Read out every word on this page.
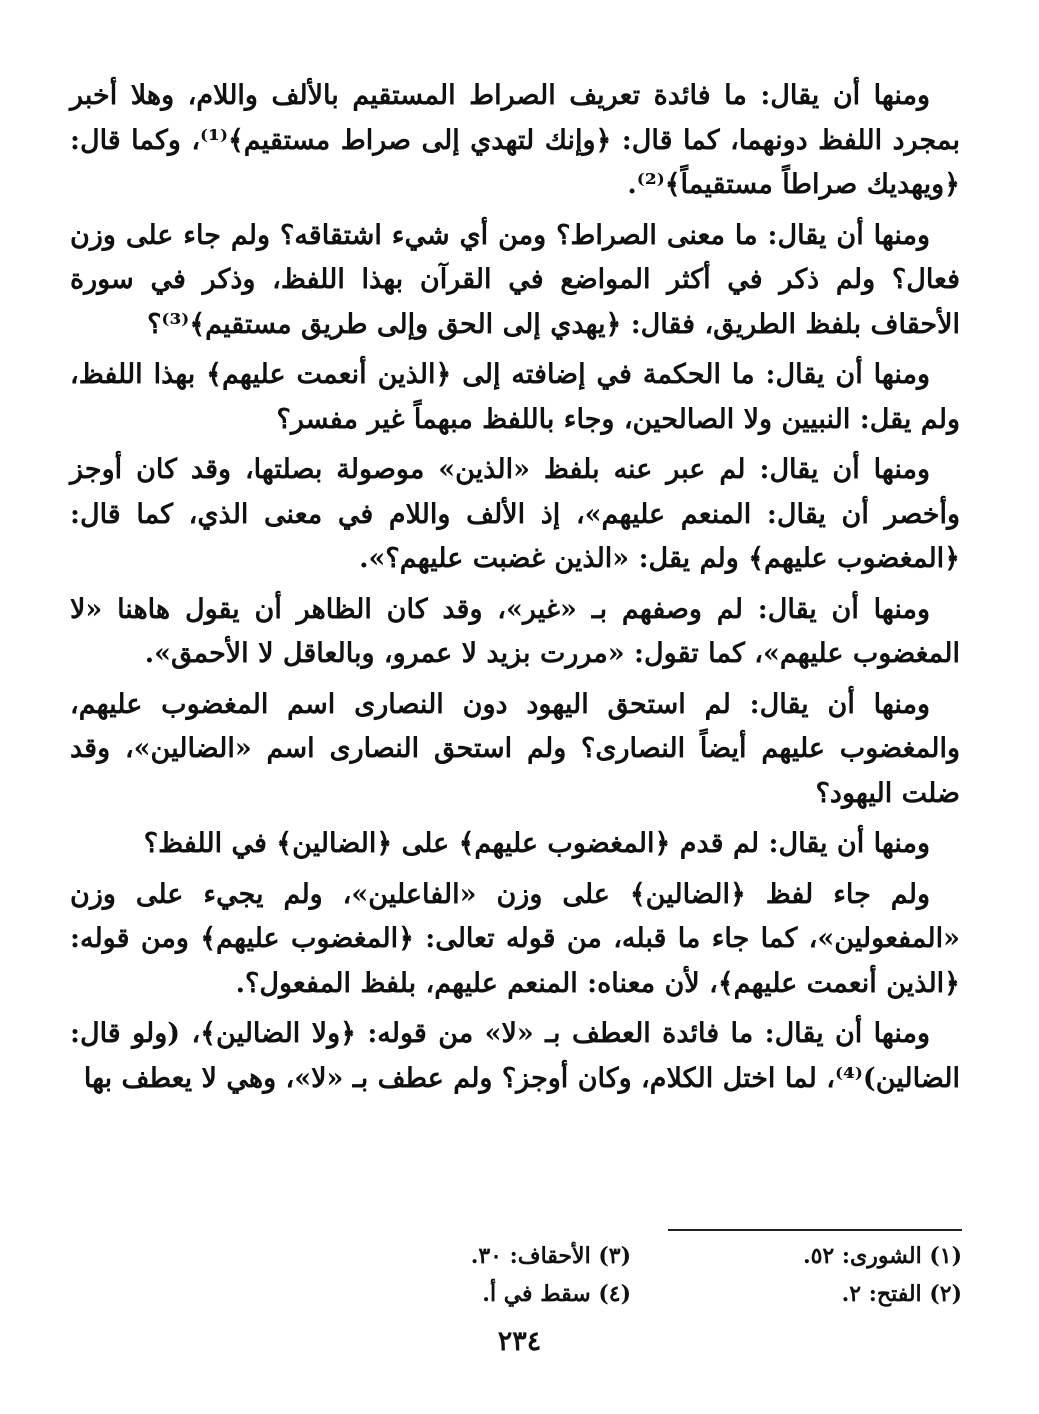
ومنها أن يقال: ما فائدة تعريف الصراط المستقيم بالألف واللام، وهلا أخبر بمجرد اللفظ دونهما، كما قال: ﴿وإنك لتهدي إلى صراط مستقيم﴾⁽¹⁾، وكما قال: ﴿ويهديك صراطاً مستقيماً﴾⁽²⁾.

ومنها أن يقال: ما معنى الصراط؟ ومن أي شيء اشتقاقه؟ ولم جاء على وزن فعال؟ ولم ذكر في أكثر المواضع في القرآن بهذا اللفظ، وذكر في سورة الأحقاف بلفظ الطريق، فقال: ﴿يهدي إلى الحق وإلى طريق مستقيم﴾⁽³⁾؟

ومنها أن يقال: ما الحكمة في إضافته إلى ﴿الذين أنعمت عليهم﴾ بهذا اللفظ، ولم يقل: النبيين ولا الصالحين، وجاء باللفظ مبهماً غير مفسر؟

ومنها أن يقال: لم عبر عنه بلفظ «الذين» موصولة بصلتها، وقد كان أوجز وأخصر أن يقال: المنعم عليهم»، إذ الألف واللام في معنى الذي، كما قال: ﴿المغضوب عليهم﴾ ولم يقل: «الذين غضبت عليهم؟».

ومنها أن يقال: لم وصفهم بـ «غير»، وقد كان الظاهر أن يقول هاهنا «لا المغضوب عليهم»، كما تقول: «مررت بزيد لا عمرو، وبالعاقل لا الأحمق».

ومنها أن يقال: لم استحق اليهود دون النصارى اسم المغضوب عليهم، والمغضوب عليهم أيضاً النصارى؟ ولم استحق النصارى اسم «الضالين»، وقد ضلت اليهود؟

ومنها أن يقال: لم قدم ﴿المغضوب عليهم﴾ على ﴿الضالين﴾ في اللفظ؟

ولم جاء لفظ ﴿الضالين﴾ على وزن «الفاعلين»، ولم يجيء على وزن «المفعولين»، كما جاء ما قبله، من قوله تعالى: ﴿المغضوب عليهم﴾ ومن قوله: ﴿الذين أنعمت عليهم﴾، لأن معناه: المنعم عليهم، بلفظ المفعول؟.

ومنها أن يقال: ما فائدة العطف بـ «لا» من قوله: ﴿ولا الضالين﴾، (ولو قال: الضالين)⁽⁴⁾، لما اختل الكلام، وكان أوجز؟ ولم عطف بـ «لا»، وهي لا يعطف بها

(١) الشورى: ٥٢.
(٣) الأحقاف: ٣٠.
(٢) الفتح: ٢.
(٤) سقط في أ.
٢٣٤
